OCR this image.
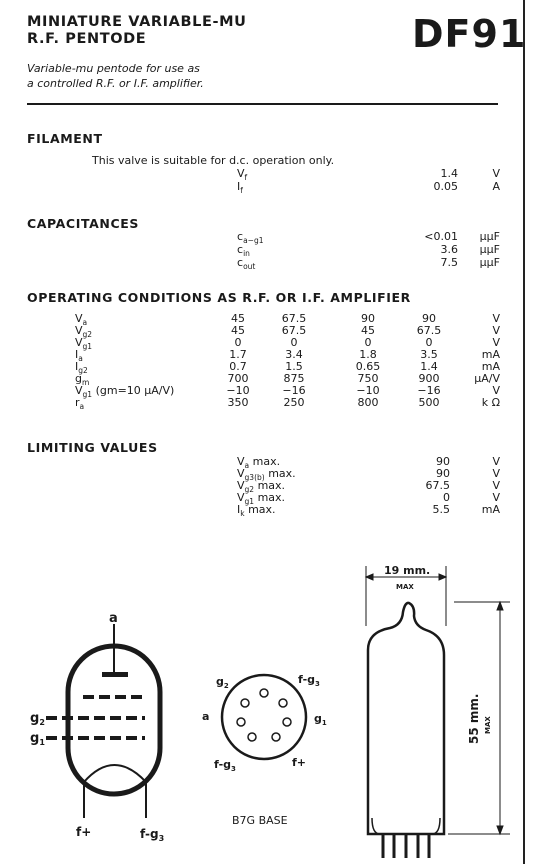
MINIATURE VARIABLE-MU
R.F. PENTODE	DF91
Variable-mu pentode for use as
a controlled R.F. or I.F. amplifier.
FILAMENT
This valve is suitable for d.c. operation only.
$V_f$	1.4	V
$I_f$	0.05	A
CAPACITANCES
$c_{a-g1}$	<0.01	μμF
$c_{in}$	3.6	μμF
$c_{out}$	7.5	μμF
OPERATING CONDITIONS AS R.F. OR I.F. AMPLIFIER
$V_a$	45	67.5	90	90	V
$V_{g2}$	45	67.5	45	67.5	V
$V_{g1}$	0	0	0	0	V
$I_a$	1.7	3.4	1.8	3.5	mA
$I_{g2}$	0.7	1.5	0.65	1.4	mA
$g_m$	700	875	750	900	μA/V
$V_{g1}$ (gm=10 μA/V)	−10	−16	−10	−16	V
$r_a$	350	250	800	500	k Ω
LIMITING VALUES
$V_a$ max.	90	V
$V_{g3(b)}$ max.	90	V
$V_{g2}$ max.	67.5	V
$V_{g1}$ max.	0	V
$I_k$ max.	5.5	mA
a
$g_2$
$g_1$
f+	$f-g_3$
$g_2$	$f-g_3$
a	$g_1$
$f-g_3$	f+
B7G BASE
19 mm.
MAX
55 mm. MAX
